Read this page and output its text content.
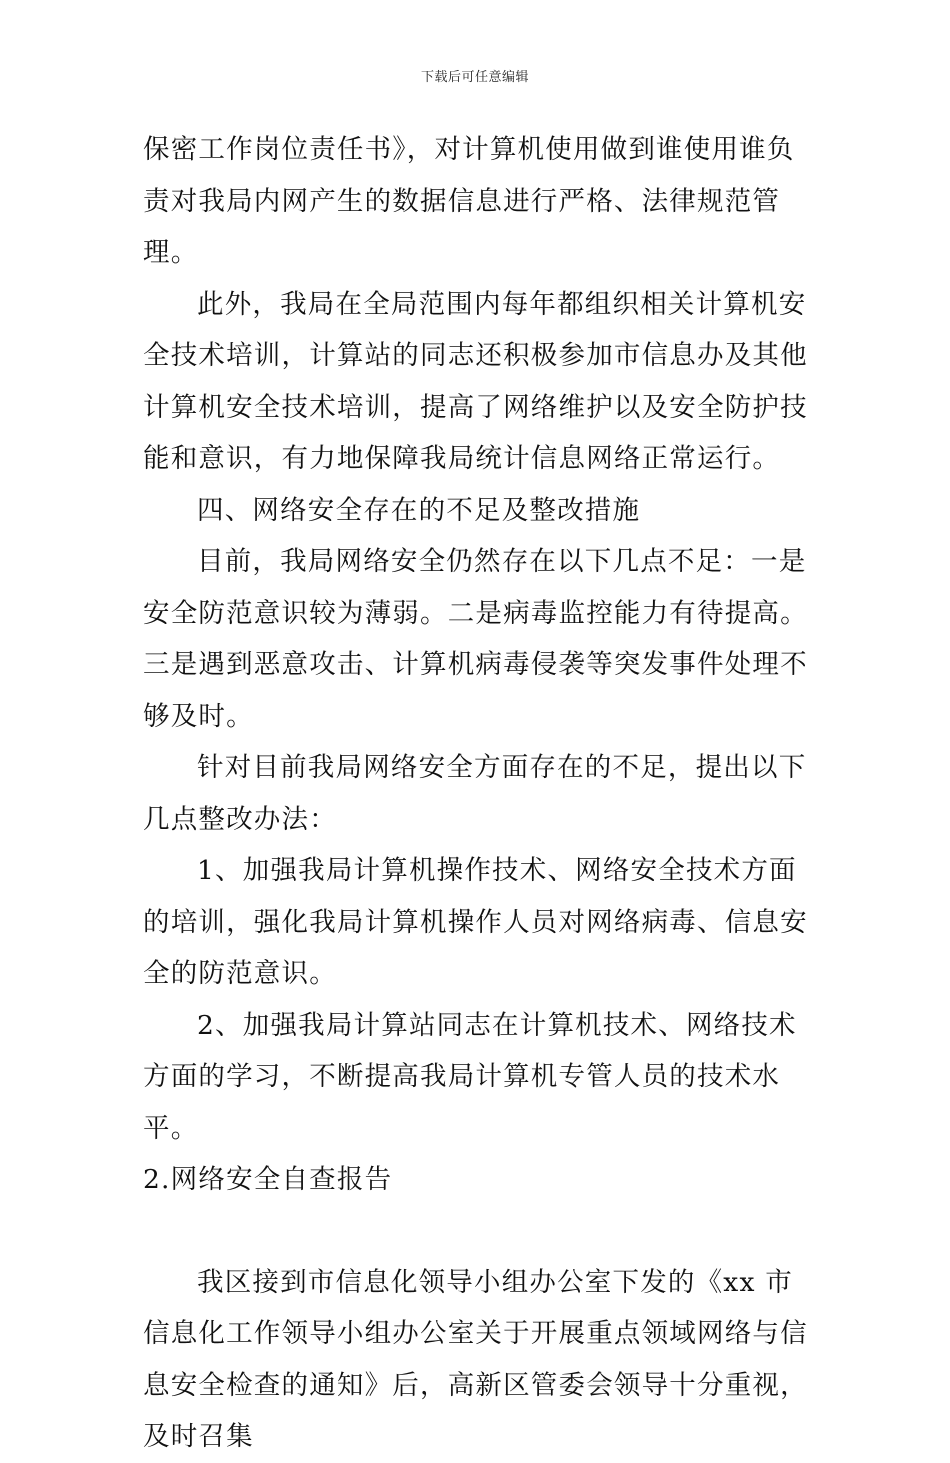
下载后可任意编辑

保密工作岗位责任书》，对计算机使用做到谁使用谁负责对我局内网产生的数据信息进行严格、法律规范管理。

此外，我局在全局范围内每年都组织相关计算机安全技术培训，计算站的同志还积极参加市信息办及其他计算机安全技术培训，提高了网络维护以及安全防护技能和意识，有力地保障我局统计信息网络正常运行。

四、网络安全存在的不足及整改措施

目前，我局网络安全仍然存在以下几点不足：一是安全防范意识较为薄弱。二是病毒监控能力有待提高。三是遇到恶意攻击、计算机病毒侵袭等突发事件处理不够及时。

针对目前我局网络安全方面存在的不足，提出以下几点整改办法：

1、加强我局计算机操作技术、网络安全技术方面的培训，强化我局计算机操作人员对网络病毒、信息安全的防范意识。

2、加强我局计算站同志在计算机技术、网络技术方面的学习，不断提高我局计算机专管人员的技术水平。

2.网络安全自查报告

我区接到市信息化领导小组办公室下发的《xx 市信息化工作领导小组办公室关于开展重点领域网络与信息安全检查的通知》后，高新区管委会领导十分重视，及时召集
